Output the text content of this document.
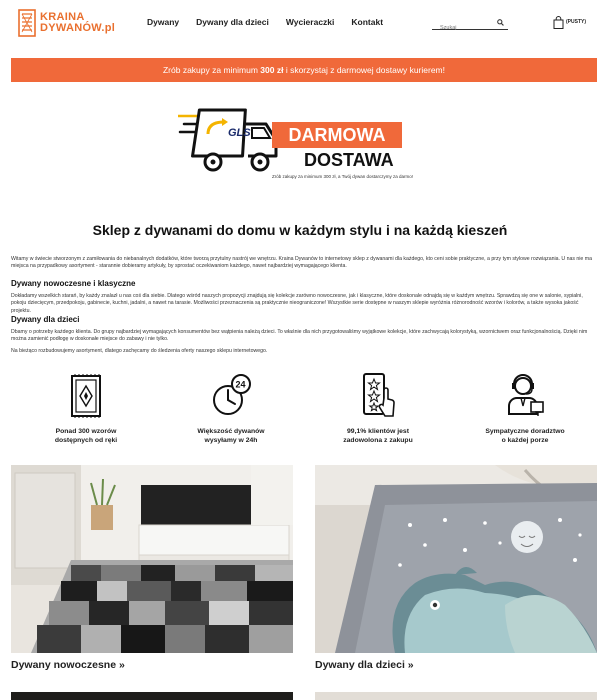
KRAINA
DYWANÓW.pl	Dywany Dywany dla dzieci Wycieraczki Kontakt
Szukaj	(PUSTY)
Zrób zakupy za minimum 300 zł i skorzystaj z darmowej dostawy kurierem!
GLS	DARMOWA
DOSTAWA
Zrób zakupy za minimum 300 zł, a Twój dywan dostarczymy za darmo!
Sklep z dywanami do domu w każdym stylu i na każdą kieszeń

Witamy w świecie stworzonym z zamiłowania do niebanalnych dodatków, które tworzą przytulny nastrój we wnętrzu. Kraina Dywanów to internetowy sklep z dywanami dla każdego, kto ceni sobie praktyczne, a przy tym stylowe rozwiązania. U nas nie ma miejsca na przypadkowy asortyment - starannie dobieramy artykuły, by sprostać oczekiwaniom każdego, nawet najbardziej wymagającego klienta.

Dywany nowoczesne i klasyczne

Dokładamy wszelkich starań, by każdy znalazł u nas coś dla siebie. Dlatego wśród naszych propozycji znajdują się kolekcje zarówno nowoczesne, jak i klasyczne, które doskonale odnajdą się w każdym wnętrzu. Sprawdzą się one w salonie, sypialni, pokoju dziecięcym, przedpokoju, gabinecie, kuchni, jadalni, a nawet na tarasie. Możliwości przeznaczenia są praktycznie nieograniczone! Wszystkie serie dostępne w naszym sklepie wyróżnia różnorodność wzorów i kolorów, a także wysoka jakość projektu.

Dywany dla dzieci

Dbamy o potrzeby każdego klienta. Do grupy najbardziej wymagających konsumentów bez wątpienia należą dzieci. To właśnie dla nich przygotowaliśmy wyjątkowe kolekcje, które zachwycają kolorystyką, wzornictwem oraz funkcjonalnością. Dzięki nim można zamienić podłogę w doskonałe miejsce do zabawy i nie tylko.

Na bieżąco rozbudowujemy asortyment, dlatego zachęcamy do śledzenia oferty naszego sklepu internetowego.

Ponad 300 wzorów
dostępnych od ręki
24
Większość dywanów
wysyłamy w 24h
99,1% klientów jest
zadowolona z zakupu
Sympatyczne doradztwo
o każdej porze
Dywany nowoczesne »	Dywany dla dzieci »
